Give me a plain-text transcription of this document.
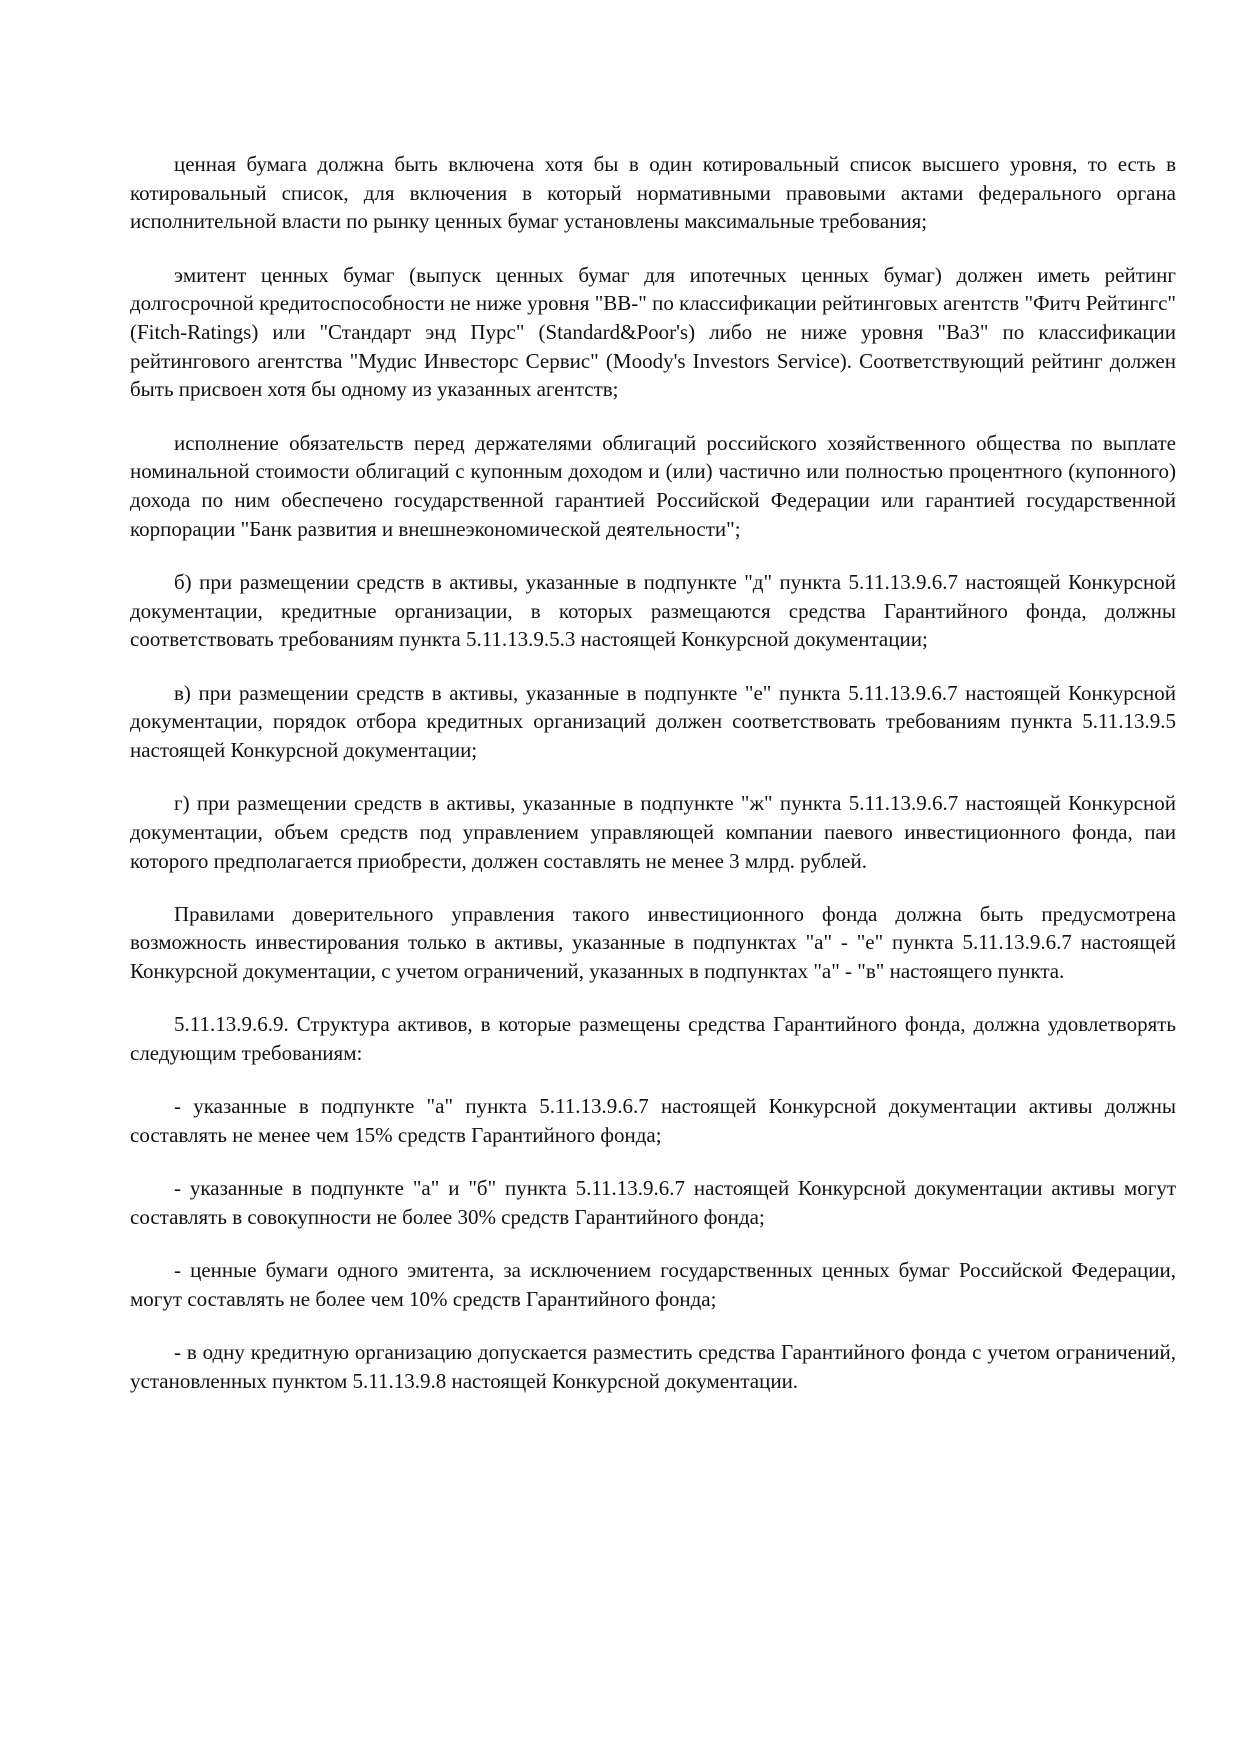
ценная бумага должна быть включена хотя бы в один котировальный список высшего уровня, то есть в котировальный список, для включения в который нормативными правовыми актами федерального органа исполнительной власти по рынку ценных бумаг установлены максимальные требования;

эмитент ценных бумаг (выпуск ценных бумаг для ипотечных ценных бумаг) должен иметь рейтинг долгосрочной кредитоспособности не ниже уровня "ВВ-" по классификации рейтинговых агентств "Фитч Рейтингс" (Fitch-Ratings) или "Стандарт энд Пурс" (Standard&Poor's) либо не ниже уровня "Ва3" по классификации рейтингового агентства "Мудис Инвесторс Сервис" (Moody's Investors Service). Соответствующий рейтинг должен быть присвоен хотя бы одному из указанных агентств;

исполнение обязательств перед держателями облигаций российского хозяйственного общества по выплате номинальной стоимости облигаций с купонным доходом и (или) частично или полностью процентного (купонного) дохода по ним обеспечено государственной гарантией Российской Федерации или гарантией государственной корпорации "Банк развития и внешнеэкономической деятельности";

б) при размещении средств в активы, указанные в подпункте "д" пункта 5.11.13.9.6.7 настоящей Конкурсной документации, кредитные организации, в которых размещаются средства Гарантийного фонда, должны соответствовать требованиям пункта 5.11.13.9.5.3 настоящей Конкурсной документации;

в) при размещении средств в активы, указанные в подпункте "е" пункта 5.11.13.9.6.7 настоящей Конкурсной документации, порядок отбора кредитных организаций должен соответствовать требованиям пункта 5.11.13.9.5 настоящей Конкурсной документации;

г) при размещении средств в активы, указанные в подпункте "ж" пункта 5.11.13.9.6.7 настоящей Конкурсной документации, объем средств под управлением управляющей компании паевого инвестиционного фонда, паи которого предполагается приобрести, должен составлять не менее 3 млрд. рублей.

Правилами доверительного управления такого инвестиционного фонда должна быть предусмотрена возможность инвестирования только в активы, указанные в подпунктах "а" - "е" пункта 5.11.13.9.6.7 настоящей Конкурсной документации, с учетом ограничений, указанных в подпунктах "а" - "в" настоящего пункта.

5.11.13.9.6.9. Структура активов, в которые размещены средства Гарантийного фонда, должна удовлетворять следующим требованиям:

- указанные в подпункте "а" пункта 5.11.13.9.6.7 настоящей Конкурсной документации активы должны составлять не менее чем 15% средств Гарантийного фонда;

- указанные в подпункте "а" и "б" пункта 5.11.13.9.6.7 настоящей Конкурсной документации активы могут составлять в совокупности не более 30% средств Гарантийного фонда;

- ценные бумаги одного эмитента, за исключением государственных ценных бумаг Российской Федерации, могут составлять не более чем 10% средств Гарантийного фонда;

- в одну кредитную организацию допускается разместить средства Гарантийного фонда с учетом ограничений, установленных пунктом 5.11.13.9.8 настоящей Конкурсной документации.
